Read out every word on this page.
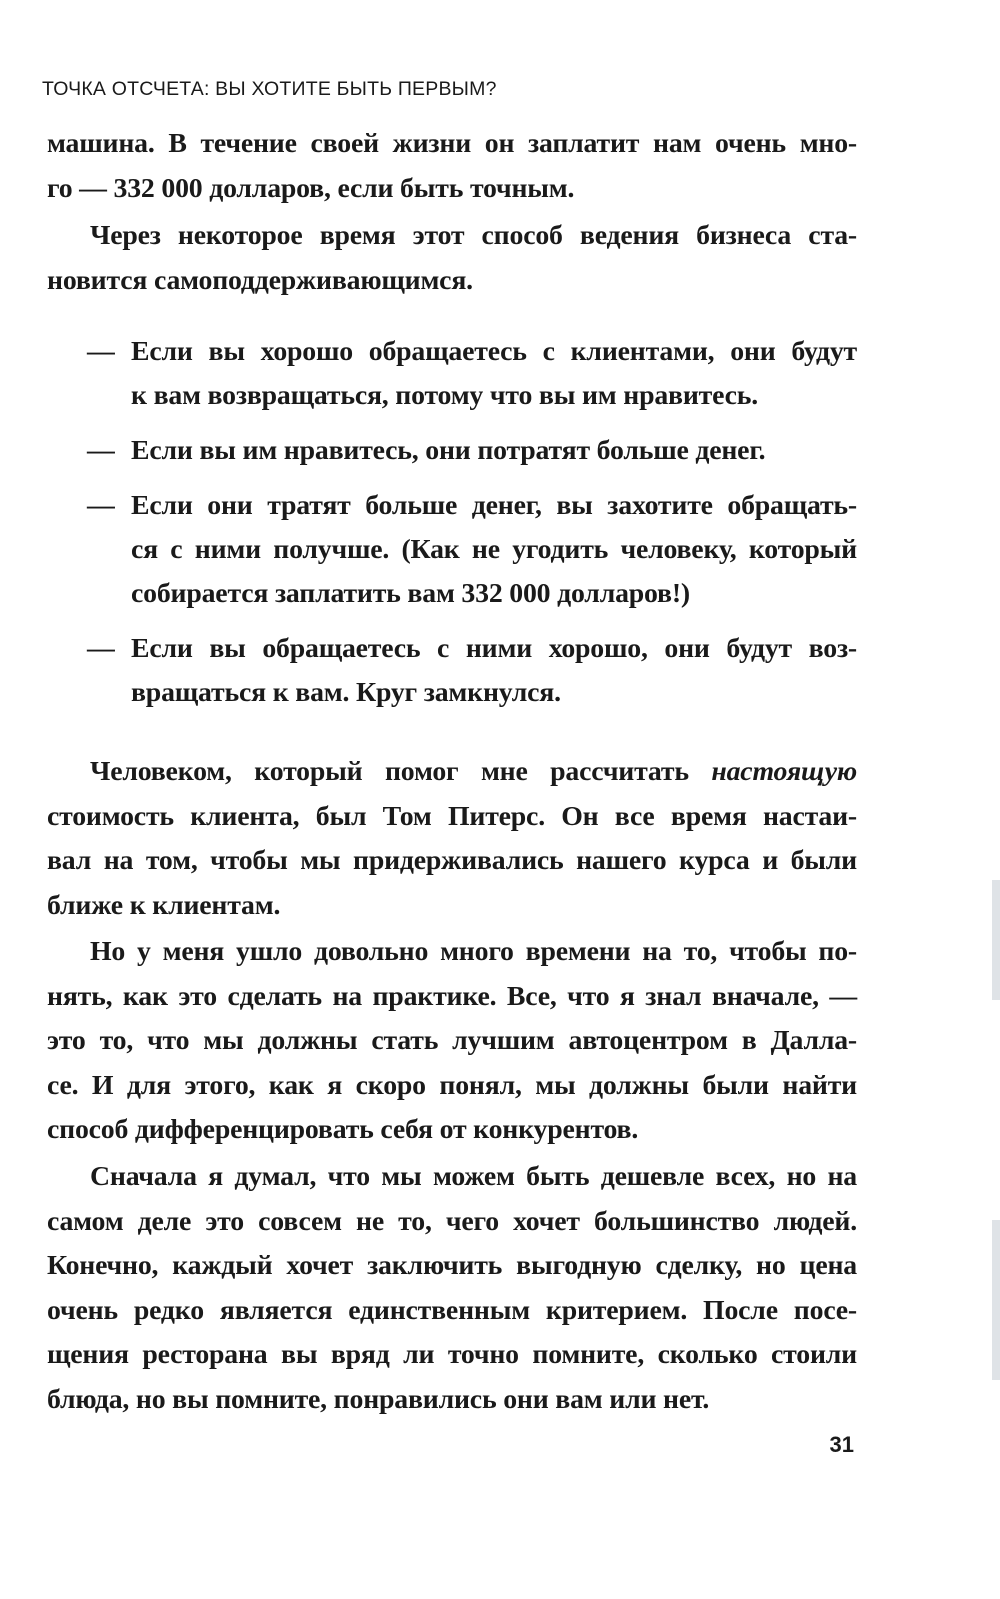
ТОЧКА ОТСЧЕТА: ВЫ ХОТИТЕ БЫТЬ ПЕРВЫМ?
машина. В течение своей жизни он заплатит нам очень мно-
го — 332 000 долларов, если быть точным.
Через некоторое время этот способ ведения бизнеса ста-
новится самоподдерживающимся.
— Если вы хорошо обращаетесь с клиентами, они будут
к вам возвращаться, потому что вы им нравитесь.
— Если вы им нравитесь, они потратят больше денег.
— Если они тратят больше денег, вы захотите обращать-
ся с ними получше. (Как не угодить человеку, который
собирается заплатить вам 332 000 долларов!)
— Если вы обращаетесь с ними хорошо, они будут воз-
вращаться к вам. Круг замкнулся.
Человеком, который помог мне рассчитать настоящую
стоимость клиента, был Том Питерс. Он все время настаи-
вал на том, чтобы мы придерживались нашего курса и были
ближе к клиентам.
Но у меня ушло довольно много времени на то, чтобы по-
нять, как это сделать на практике. Все, что я знал вначале, —
это то, что мы должны стать лучшим автоцентром в Далла-
се. И для этого, как я скоро понял, мы должны были найти
способ дифференцировать себя от конкурентов.
Сначала я думал, что мы можем быть дешевле всех, но на
самом деле это совсем не то, чего хочет большинство людей.
Конечно, каждый хочет заключить выгодную сделку, но цена
очень редко является единственным критерием. После посе-
щения ресторана вы вряд ли точно помните, сколько стоили
блюда, но вы помните, понравились они вам или нет.
31
